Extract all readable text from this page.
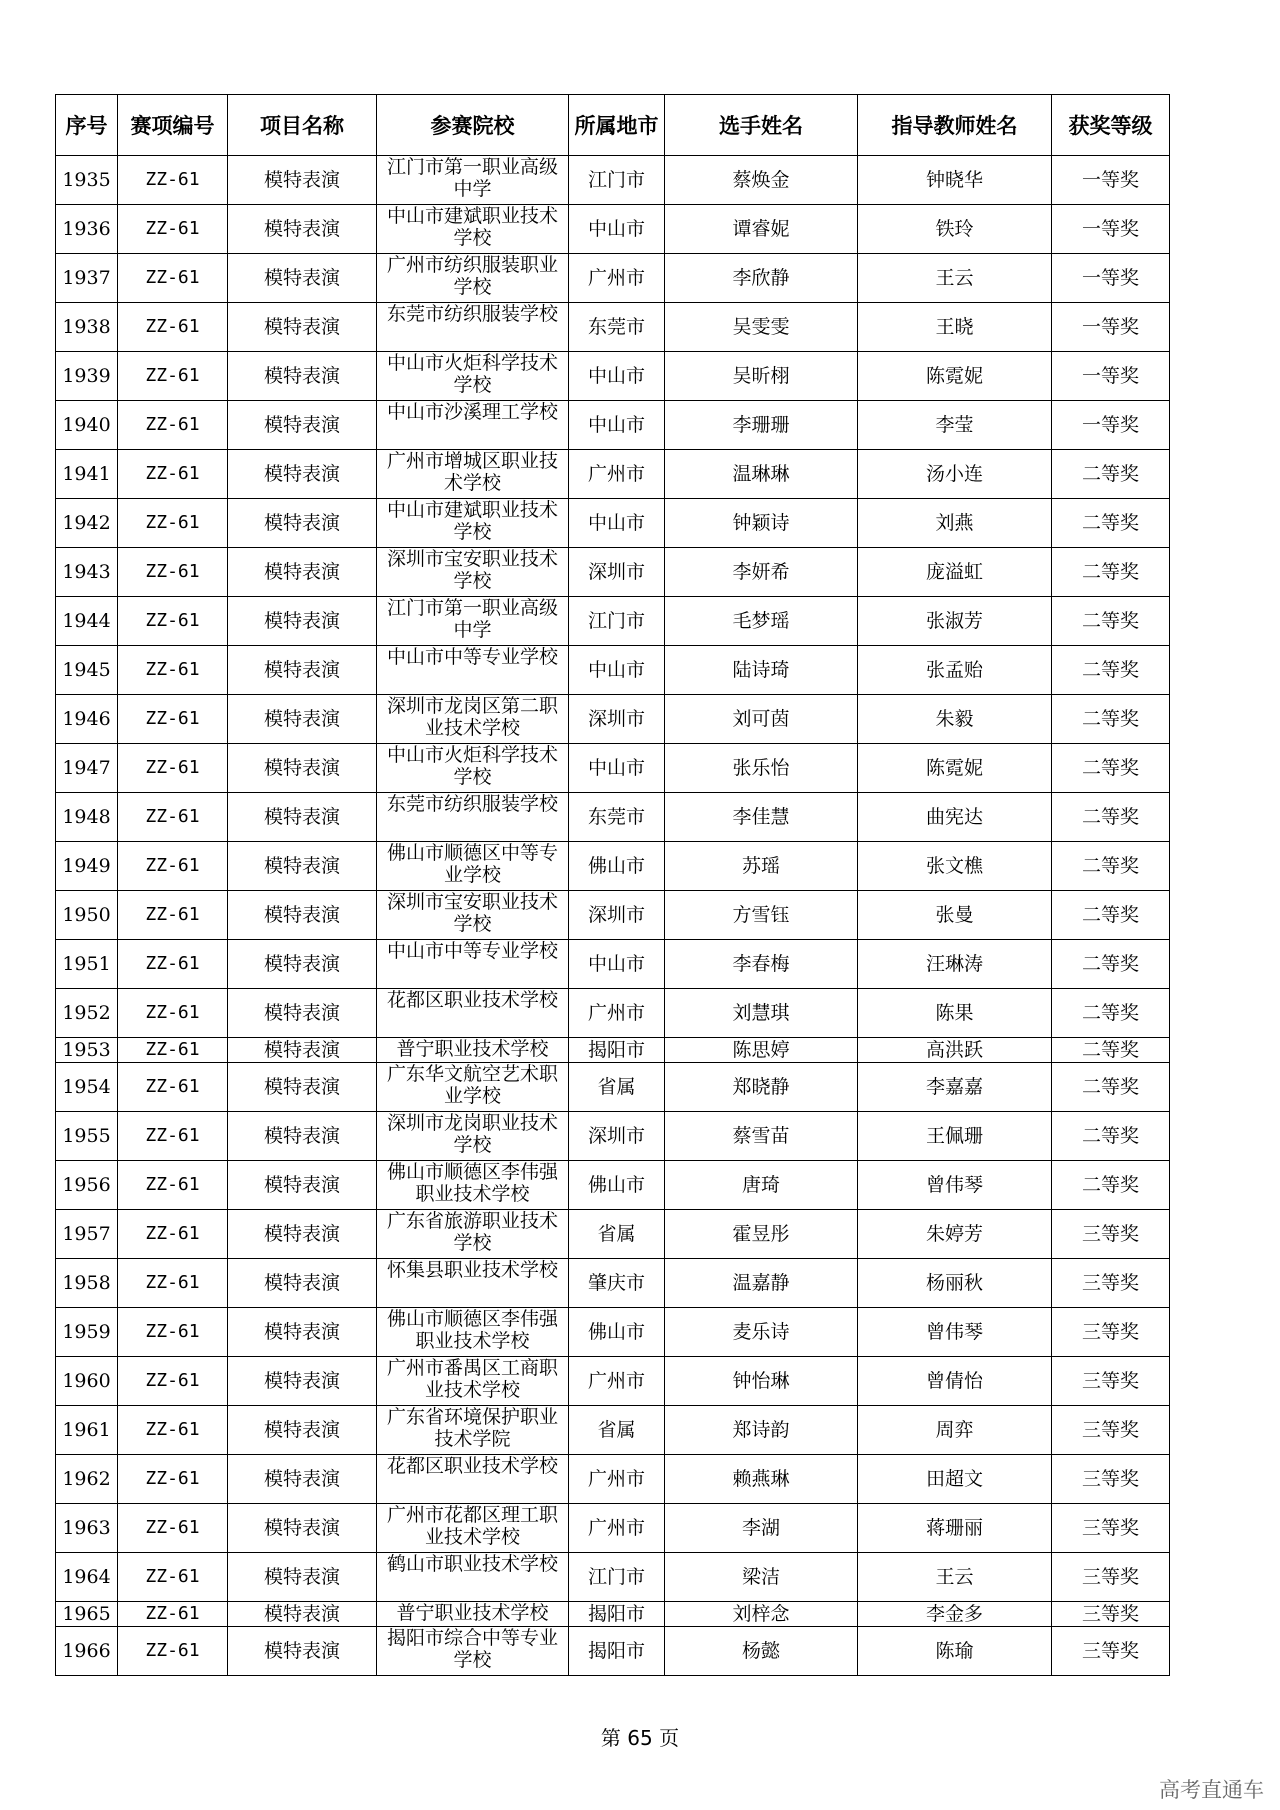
序号	赛项编号	项目名称	参赛院校	所属地市	选手姓名	指导教师姓名	获奖等级
1935	ZZ-61	模特表演	江门市第一职业高级中学	江门市	蔡焕金	钟晓华	一等奖
1936	ZZ-61	模特表演	中山市建斌职业技术学校	中山市	谭睿妮	铁玲	一等奖
1937	ZZ-61	模特表演	广州市纺织服装职业学校	广州市	李欣静	王云	一等奖
1938	ZZ-61	模特表演	东莞市纺织服装学校	东莞市	吴雯雯	王晓	一等奖
1939	ZZ-61	模特表演	中山市火炬科学技术学校	中山市	吴昕栩	陈霓妮	一等奖
1940	ZZ-61	模特表演	中山市沙溪理工学校	中山市	李珊珊	李莹	一等奖
1941	ZZ-61	模特表演	广州市增城区职业技术学校	广州市	温琳琳	汤小连	二等奖
1942	ZZ-61	模特表演	中山市建斌职业技术学校	中山市	钟颖诗	刘燕	二等奖
1943	ZZ-61	模特表演	深圳市宝安职业技术学校	深圳市	李妍希	庞溢虹	二等奖
1944	ZZ-61	模特表演	江门市第一职业高级中学	江门市	毛梦瑶	张淑芳	二等奖
1945	ZZ-61	模特表演	中山市中等专业学校	中山市	陆诗琦	张孟贻	二等奖
1946	ZZ-61	模特表演	深圳市龙岗区第二职业技术学校	深圳市	刘可茵	朱毅	二等奖
1947	ZZ-61	模特表演	中山市火炬科学技术学校	中山市	张乐怡	陈霓妮	二等奖
1948	ZZ-61	模特表演	东莞市纺织服装学校	东莞市	李佳慧	曲宪达	二等奖
1949	ZZ-61	模特表演	佛山市顺德区中等专业学校	佛山市	苏瑶	张文樵	二等奖
1950	ZZ-61	模特表演	深圳市宝安职业技术学校	深圳市	方雪钰	张曼	二等奖
1951	ZZ-61	模特表演	中山市中等专业学校	中山市	李春梅	汪琳涛	二等奖
1952	ZZ-61	模特表演	花都区职业技术学校	广州市	刘慧琪	陈果	二等奖
1953	ZZ-61	模特表演	普宁职业技术学校	揭阳市	陈思婷	高洪跃	二等奖
1954	ZZ-61	模特表演	广东华文航空艺术职业学校	省属	郑晓静	李嘉嘉	二等奖
1955	ZZ-61	模特表演	深圳市龙岗职业技术学校	深圳市	蔡雪苗	王佩珊	二等奖
1956	ZZ-61	模特表演	佛山市顺德区李伟强职业技术学校	佛山市	唐琦	曾伟琴	二等奖
1957	ZZ-61	模特表演	广东省旅游职业技术学校	省属	霍昱彤	朱婷芳	三等奖
1958	ZZ-61	模特表演	怀集县职业技术学校	肇庆市	温嘉静	杨丽秋	三等奖
1959	ZZ-61	模特表演	佛山市顺德区李伟强职业技术学校	佛山市	麦乐诗	曾伟琴	三等奖
1960	ZZ-61	模特表演	广州市番禺区工商职业技术学校	广州市	钟怡琳	曾倩怡	三等奖
1961	ZZ-61	模特表演	广东省环境保护职业技术学院	省属	郑诗韵	周弈	三等奖
1962	ZZ-61	模特表演	花都区职业技术学校	广州市	赖燕琳	田超文	三等奖
1963	ZZ-61	模特表演	广州市花都区理工职业技术学校	广州市	李湖	蒋珊丽	三等奖
1964	ZZ-61	模特表演	鹤山市职业技术学校	江门市	梁洁	王云	三等奖
1965	ZZ-61	模特表演	普宁职业技术学校	揭阳市	刘梓念	李金多	三等奖
1966	ZZ-61	模特表演	揭阳市综合中等专业学校	揭阳市	杨懿	陈瑜	三等奖
第 65 页
高考直通车
